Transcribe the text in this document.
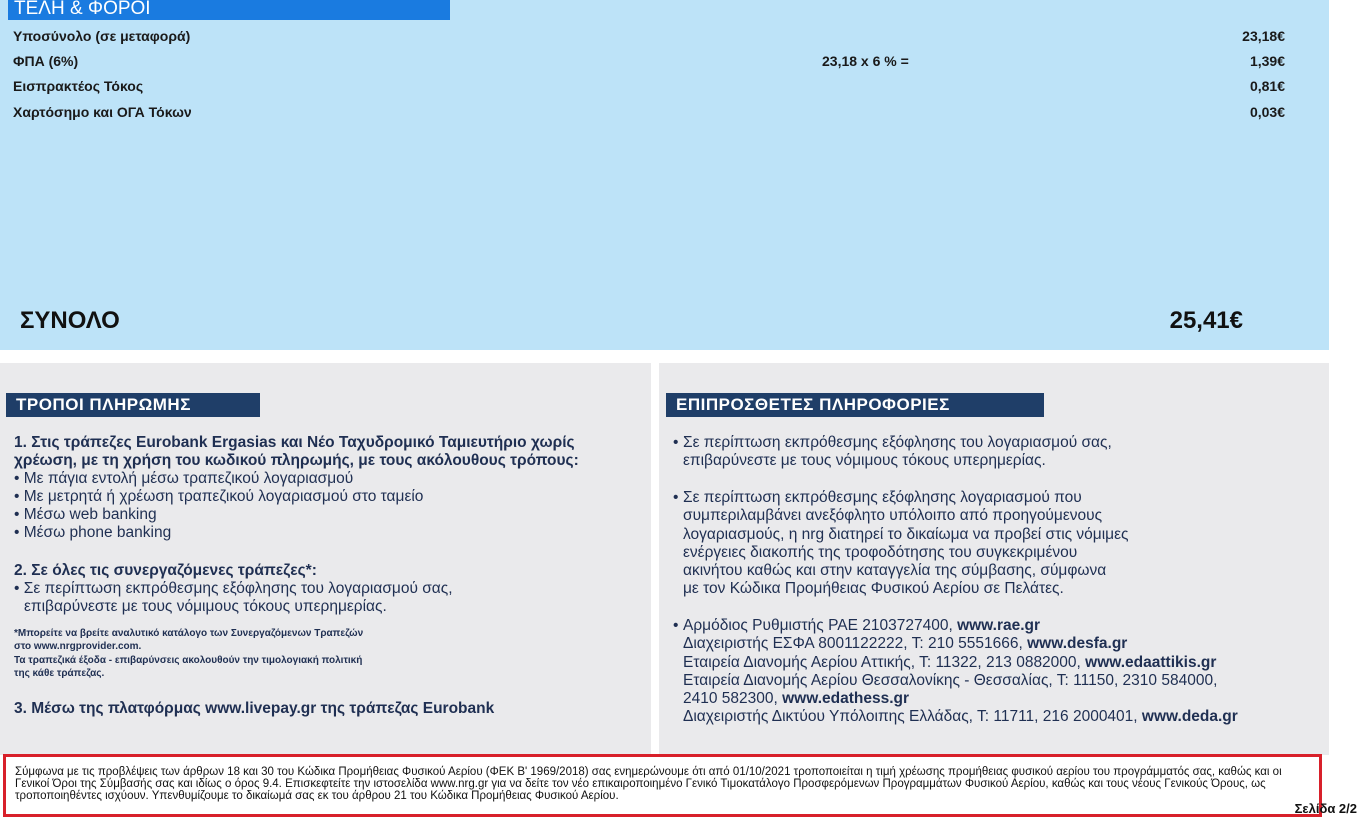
ΤΕΛΗ & ΦΟΡΟΙ
Υποσύνολο (σε μεταφορά)	23,18€
ΦΠΑ (6%)	23,18 x 6 % =	1,39€
Εισπρακτέος Τόκος	0,81€
Χαρτόσημο και ΟΓΑ Τόκων	0,03€
ΣΥΝΟΛΟ	25,41€
ΤΡΟΠΟΙ ΠΛΗΡΩΜΗΣ
1. Στις τράπεζες Eurobank Ergasias και Νέο Ταχυδρομικό Ταμιευτήριο χωρίς
χρέωση, με τη χρήση του κωδικού πληρωμής, με τους ακόλουθους τρόπους:
• Με πάγια εντολή μέσω τραπεζικού λογαριασμού
• Με μετρητά ή χρέωση τραπεζικού λογαριασμού στο ταμείο
• Μέσω web banking
• Μέσω phone banking
2. Σε όλες τις συνεργαζόμενες τράπεζες*:
• Σε περίπτωση εκπρόθεσμης εξόφλησης του λογαριασμού σας,
επιβαρύνεστε με τους νόμιμους τόκους υπερημερίας.
*Μπορείτε να βρείτε αναλυτικό κατάλογο των Συνεργαζόμενων Τραπεζών
στο www.nrgprovider.com.
Τα τραπεζικά έξοδα - επιβαρύνσεις ακολουθούν την τιμολογιακή πολιτική
της κάθε τράπεζας.
3. Μέσω της πλατφόρμας www.livepay.gr της τράπεζας Eurobank
ΕΠΙΠΡΟΣΘΕΤΕΣ ΠΛΗΡΟΦΟΡΙΕΣ
• Σε περίπτωση εκπρόθεσμης εξόφλησης του λογαριασμού σας,
επιβαρύνεστε με τους νόμιμους τόκους υπερημερίας.
• Σε περίπτωση εκπρόθεσμης εξόφλησης λογαριασμού που
συμπεριλαμβάνει ανεξόφλητο υπόλοιπο από προηγούμενους
λογαριασμούς, η nrg διατηρεί το δικαίωμα να προβεί στις νόμιμες
ενέργειες διακοπής της τροφοδότησης του συγκεκριμένου
ακινήτου καθώς και στην καταγγελία της σύμβασης, σύμφωνα
με τον Κώδικα Προμήθειας Φυσικού Αερίου σε Πελάτες.
• Αρμόδιος Ρυθμιστής ΡΑΕ 2103727400, www.rae.gr
Διαχειριστής ΕΣΦΑ 8001122222, Τ: 210 5551666, www.desfa.gr
Εταιρεία Διανομής Αερίου Αττικής, Τ: 11322, 213 0882000, www.edaattikis.gr
Εταιρεία Διανομής Αερίου Θεσσαλονίκης - Θεσσαλίας, Τ: 11150, 2310 584000,
2410 582300, www.edathess.gr
Διαχειριστής Δικτύου Υπόλοιπης Ελλάδας, Τ: 11711, 216 2000401, www.deda.gr
Σύμφωνα με τις προβλέψεις των άρθρων 18 και 30 του Κώδικα Προμήθειας Φυσικού Αερίου (ΦΕΚ Β' 1969/2018) σας ενημερώνουμε ότι από 01/10/2021 τροποποιείται η τιμή χρέωσης προμήθειας φυσικού αερίου του προγράμματός σας, καθώς και οι Γενικοί Όροι της Σύμβασής σας και ιδίως ο όρος 9.4. Επισκεφτείτε την ιστοσελίδα www.nrg.gr για να δείτε τον νέο επικαιροποιημένο Γενικό Τιμοκατάλογο Προσφερόμενων Προγραμμάτων Φυσικού Αερίου, καθώς και τους νέους Γενικούς Όρους, ως τροποποιηθέντες ισχύουν. Υπενθυμίζουμε το δικαίωμά σας εκ του άρθρου 21 του Κώδικα Προμήθειας Φυσικού Αερίου.
Σελίδα 2/2
